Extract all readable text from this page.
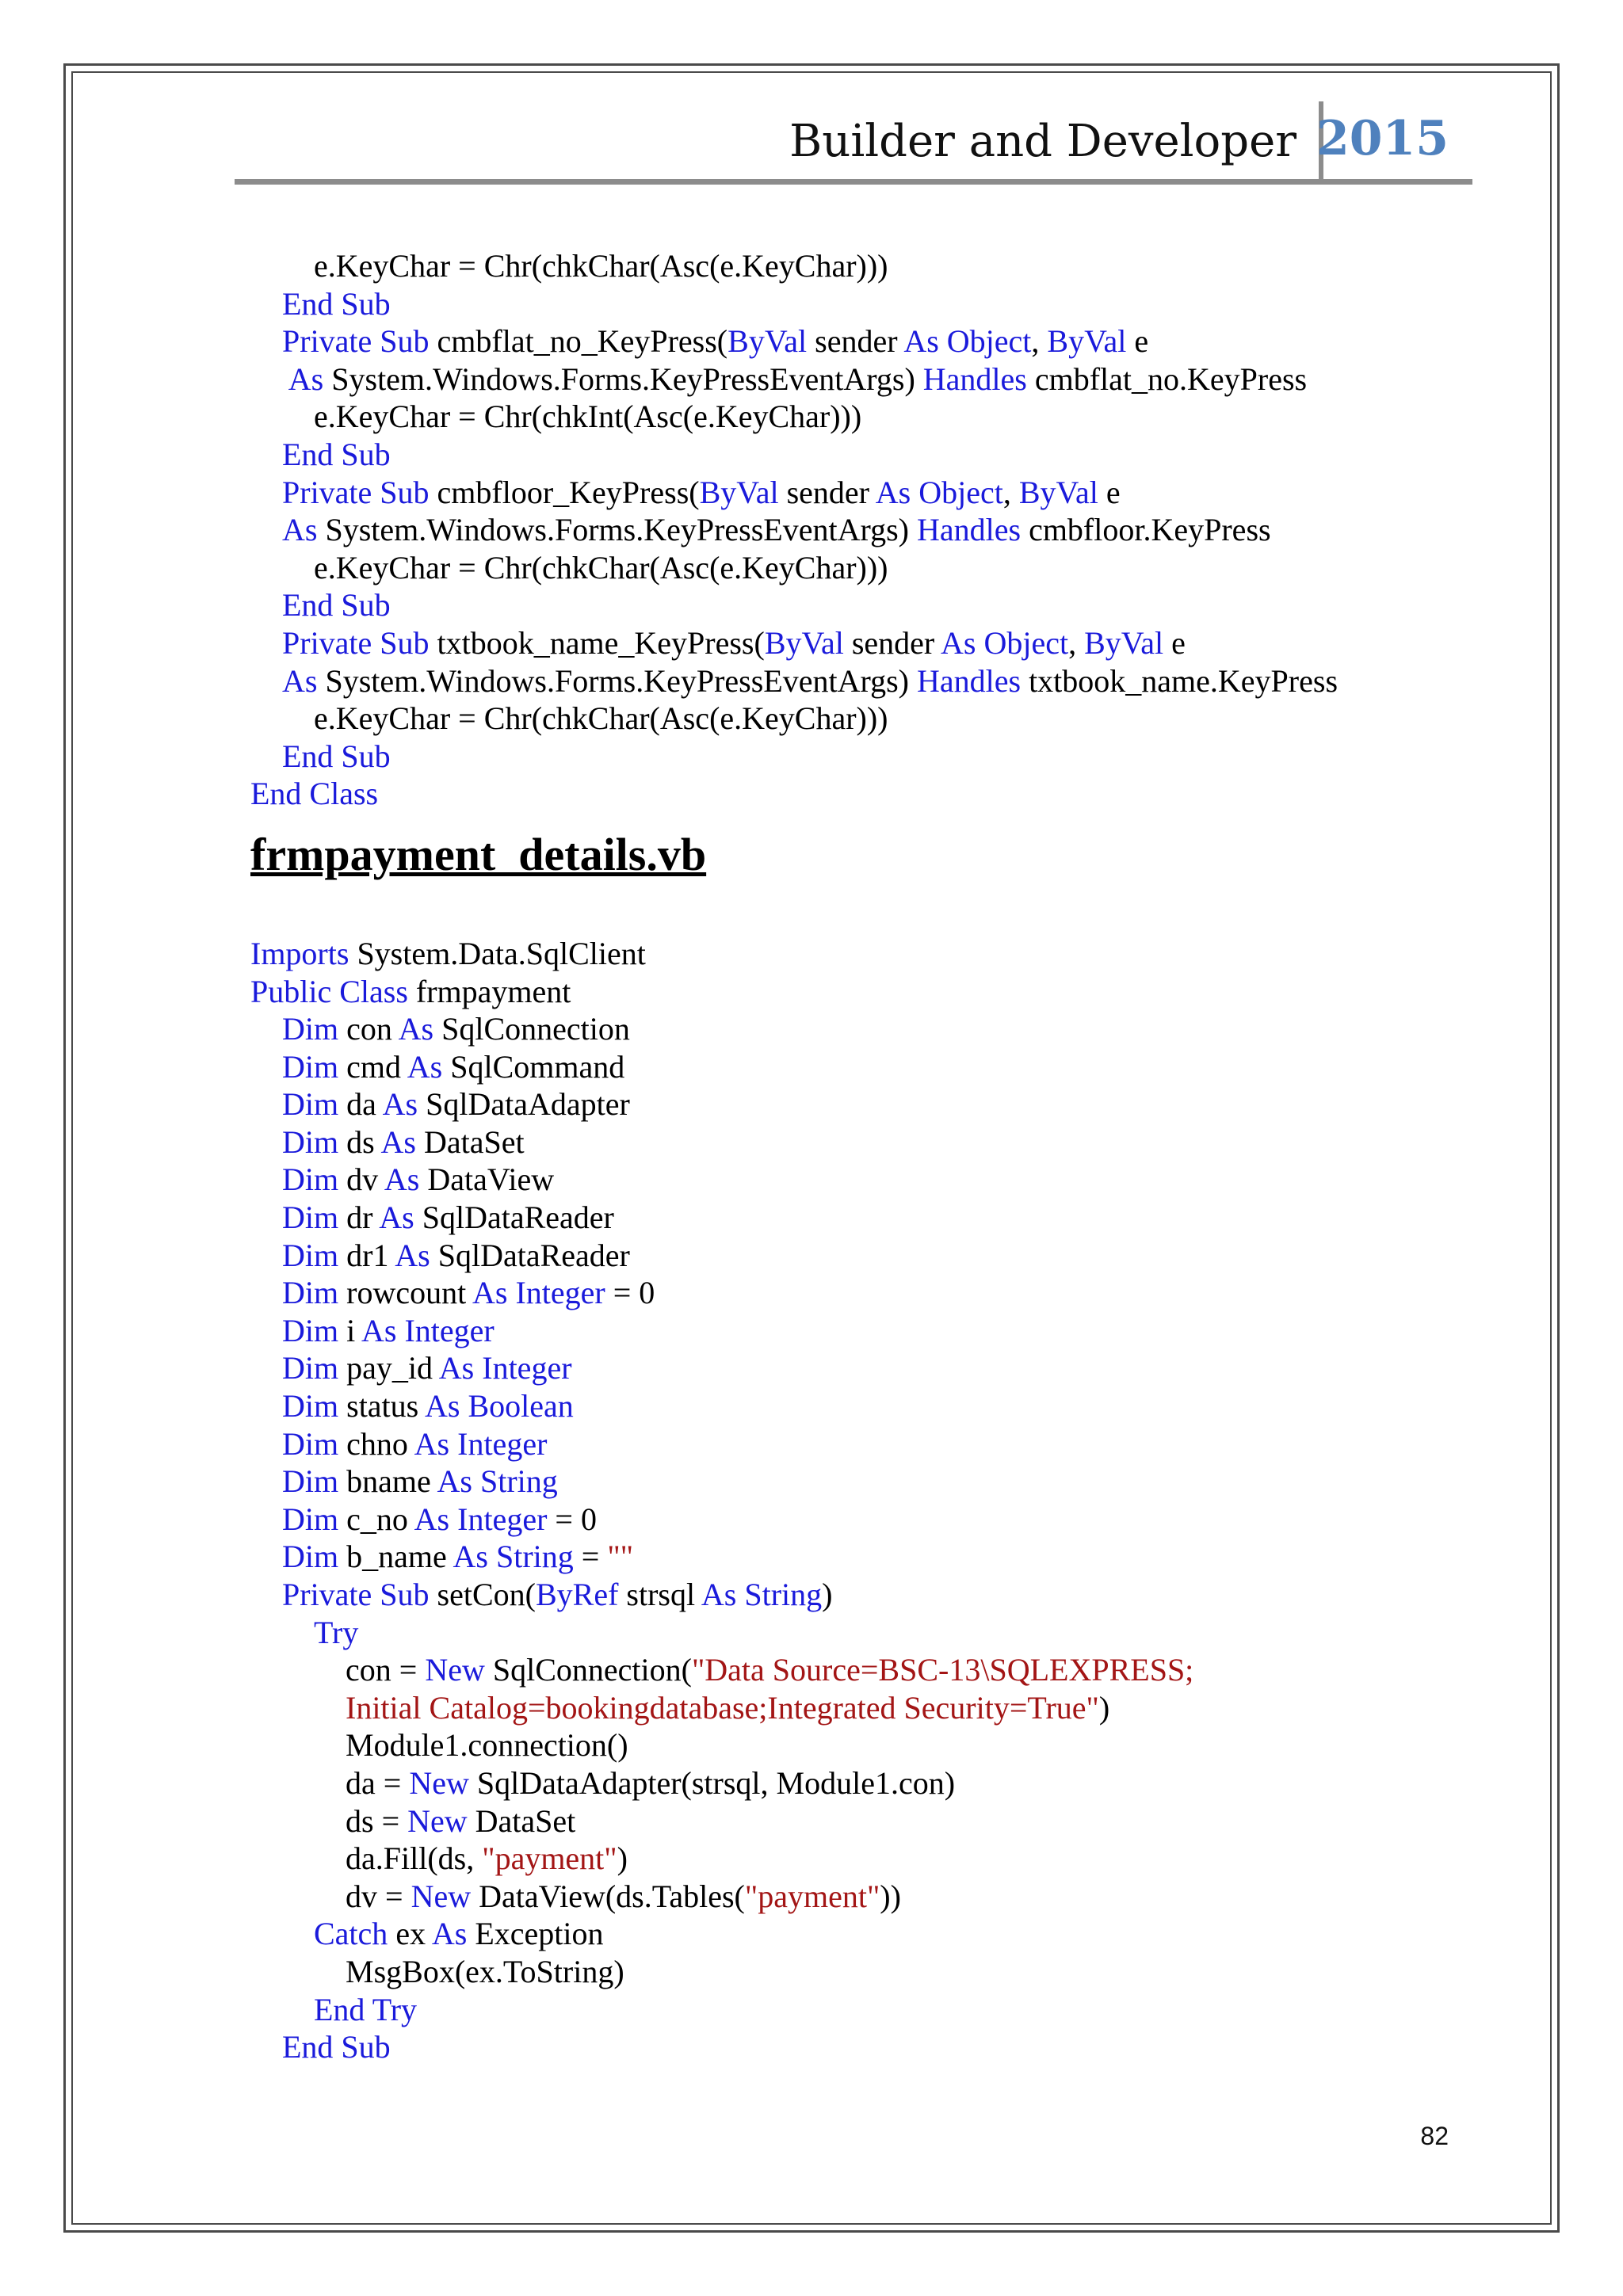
Builder and Developer 2015
e.KeyChar = Chr(chkChar(Asc(e.KeyChar)))
End Sub
Private Sub cmbflat_no_KeyPress(ByVal sender As Object, ByVal e
As System.Windows.Forms.KeyPressEventArgs) Handles cmbflat_no.KeyPress
e.KeyChar = Chr(chkInt(Asc(e.KeyChar)))
End Sub
Private Sub cmbfloor_KeyPress(ByVal sender As Object, ByVal e
As System.Windows.Forms.KeyPressEventArgs) Handles cmbfloor.KeyPress
e.KeyChar = Chr(chkChar(Asc(e.KeyChar)))
End Sub
Private Sub txtbook_name_KeyPress(ByVal sender As Object, ByVal e
As System.Windows.Forms.KeyPressEventArgs) Handles txtbook_name.KeyPress
e.KeyChar = Chr(chkChar(Asc(e.KeyChar)))
End Sub
End Class
frmpayment_details.vb
Imports System.Data.SqlClient
Public Class frmpayment
Dim con As SqlConnection
Dim cmd As SqlCommand
Dim da As SqlDataAdapter
Dim ds As DataSet
Dim dv As DataView
Dim dr As SqlDataReader
Dim dr1 As SqlDataReader
Dim rowcount As Integer = 0
Dim i As Integer
Dim pay_id As Integer
Dim status As Boolean
Dim chno As Integer
Dim bname As String
Dim c_no As Integer = 0
Dim b_name As String = ""
Private Sub setCon(ByRef strsql As String)
Try
con = New SqlConnection("Data Source=BSC-13\SQLEXPRESS;
Initial Catalog=bookingdatabase;Integrated Security=True")
Module1.connection()
da = New SqlDataAdapter(strsql, Module1.con)
ds = New DataSet
da.Fill(ds, "payment")
dv = New DataView(ds.Tables("payment"))
Catch ex As Exception
MsgBox(ex.ToString)
End Try
End Sub
82
